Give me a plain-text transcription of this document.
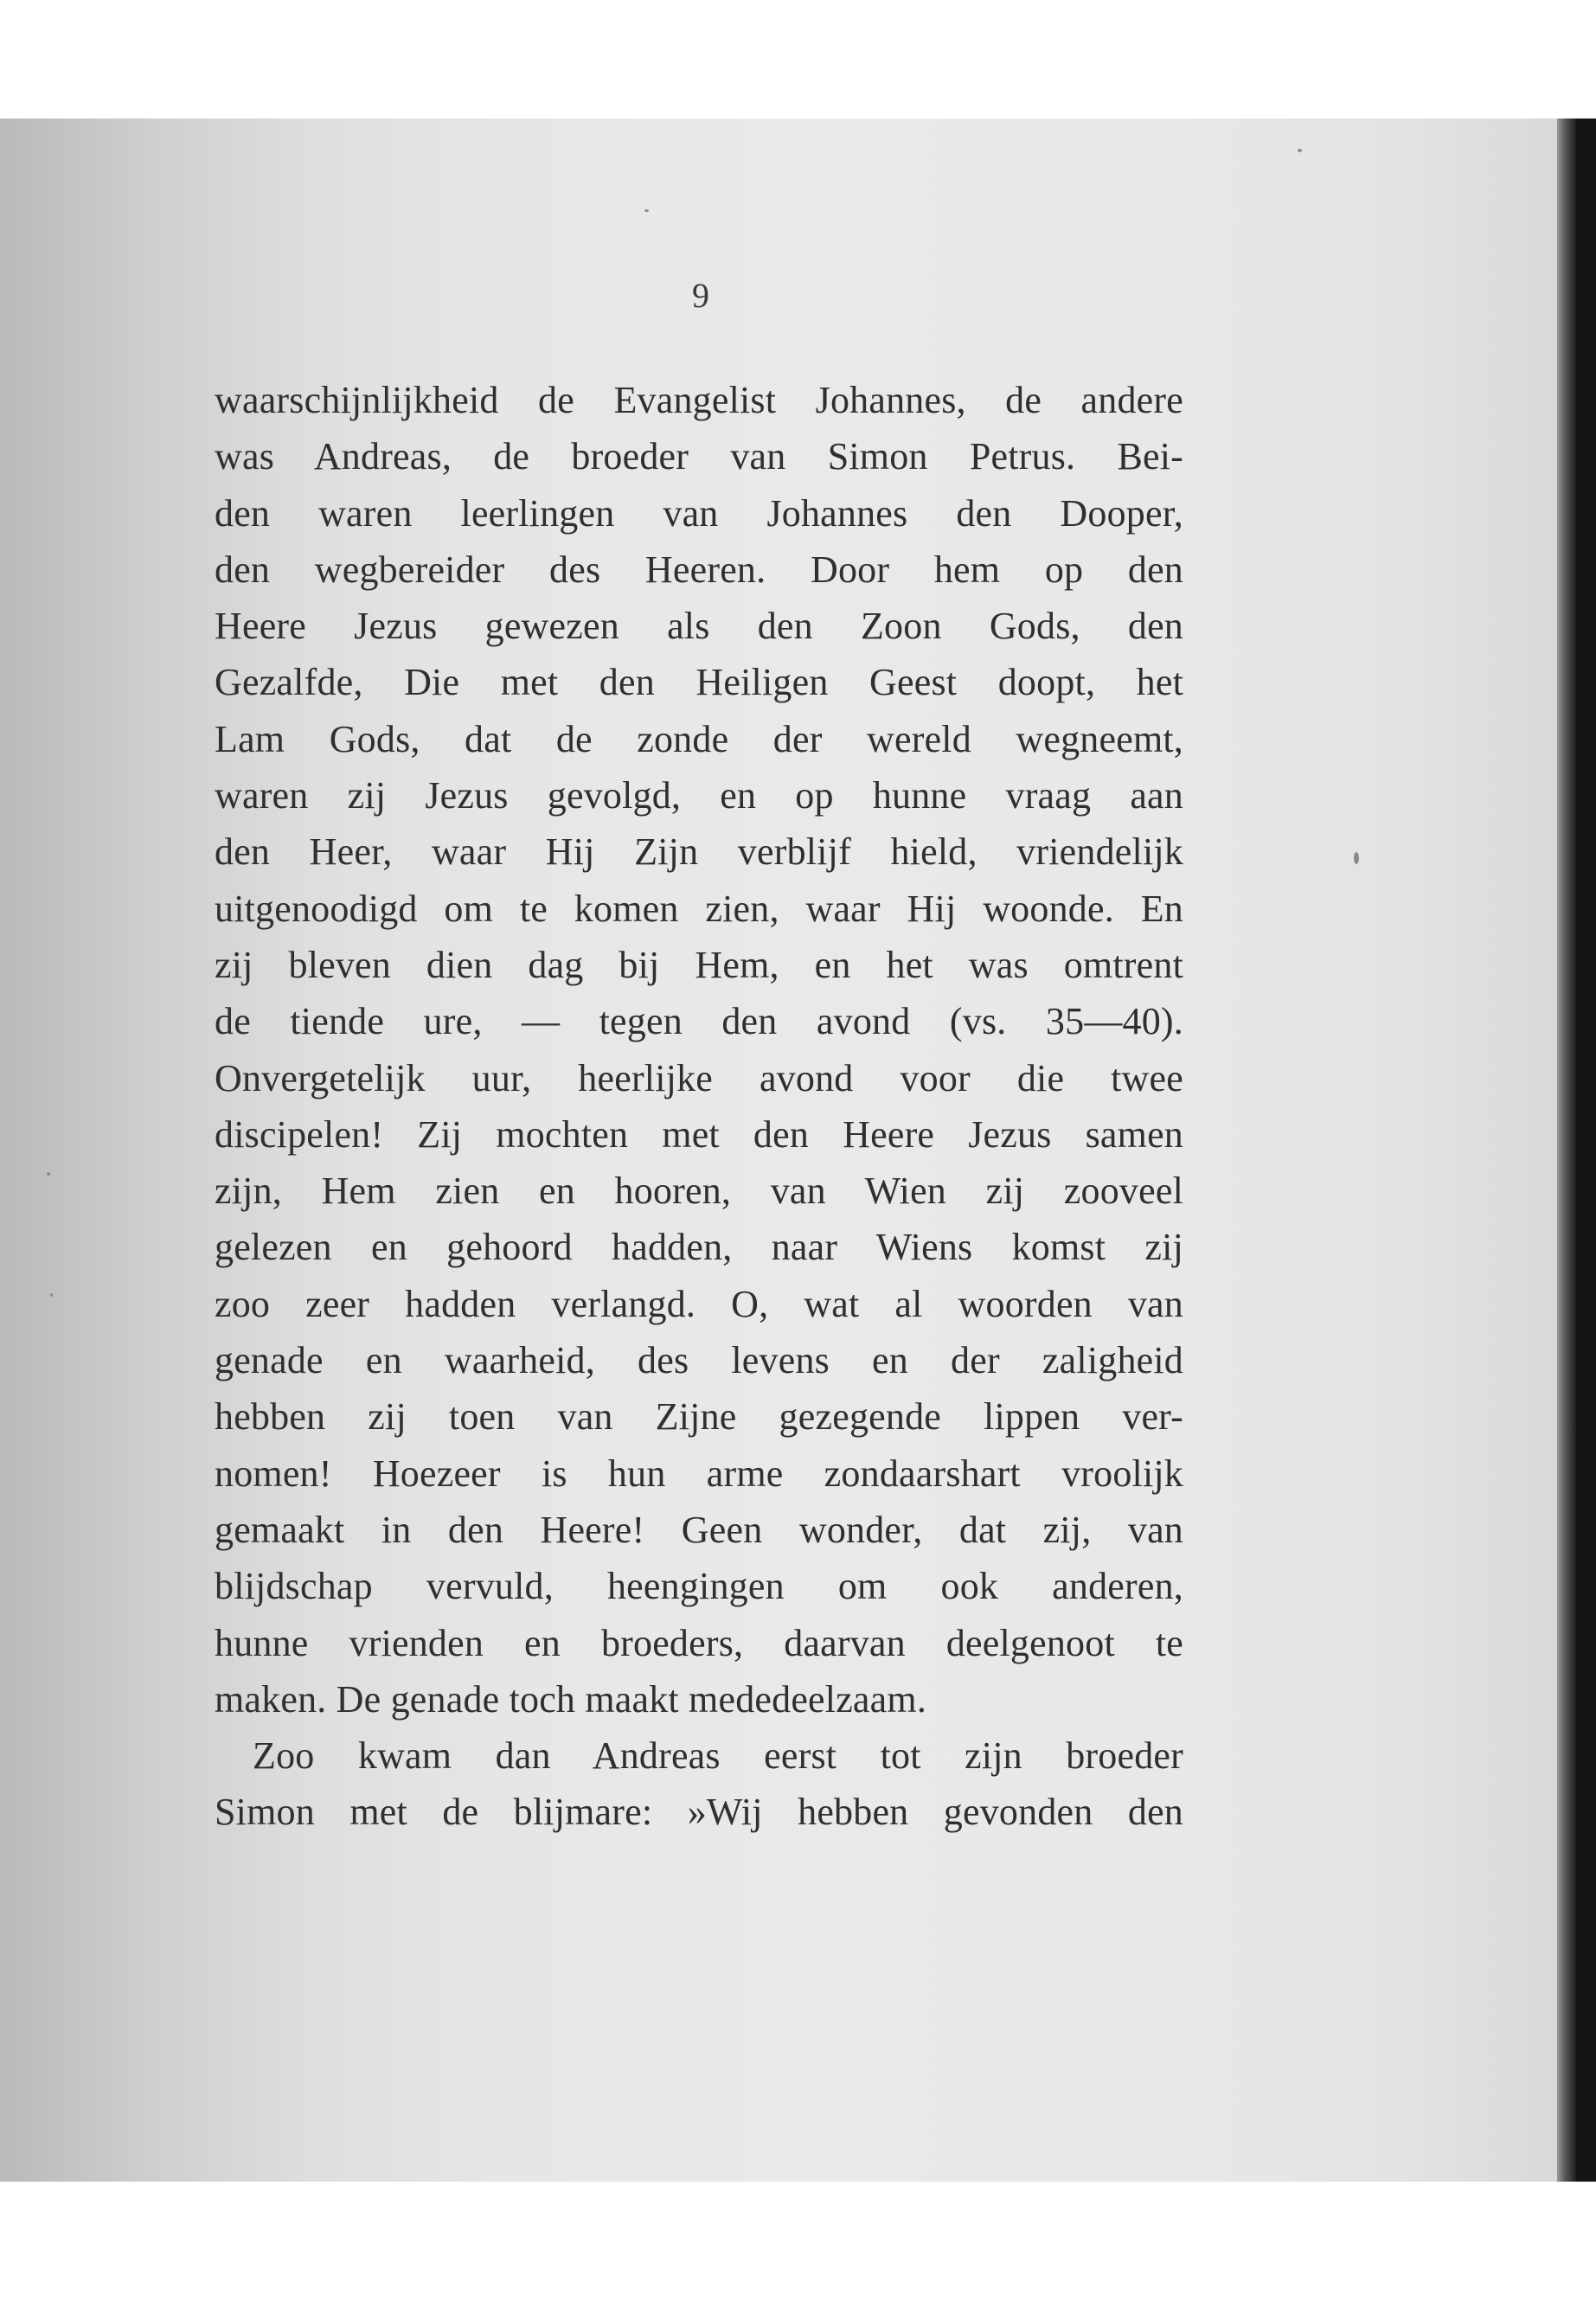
9
waarschijnlijkheid de Evangelist Johannes, de andere
was Andreas, de broeder van Simon Petrus. Bei-
den waren leerlingen van Johannes den Dooper,
den wegbereider des Heeren. Door hem op den
Heere Jezus gewezen als den Zoon Gods, den
Gezalfde, Die met den Heiligen Geest doopt, het
Lam Gods, dat de zonde der wereld wegneemt,
waren zij Jezus gevolgd, en op hunne vraag aan
den Heer, waar Hij Zijn verblijf hield, vriendelijk
uitgenoodigd om te komen zien, waar Hij woonde. En
zij bleven dien dag bij Hem, en het was omtrent
de tiende ure, — tegen den avond (vs. 35—40).
Onvergetelijk uur, heerlijke avond voor die twee
discipelen! Zij mochten met den Heere Jezus samen
zijn, Hem zien en hooren, van Wien zij zooveel
gelezen en gehoord hadden, naar Wiens komst zij
zoo zeer hadden verlangd. O, wat al woorden van
genade en waarheid, des levens en der zaligheid
hebben zij toen van Zijne gezegende lippen ver-
nomen! Hoezeer is hun arme zondaarshart vroolijk
gemaakt in den Heere! Geen wonder, dat zij, van
blijdschap vervuld, heengingen om ook anderen,
hunne vrienden en broeders, daarvan deelgenoot te
maken. De genade toch maakt mededeelzaam.
Zoo kwam dan Andreas eerst tot zijn broeder
Simon met de blijmare: »Wij hebben gevonden den
